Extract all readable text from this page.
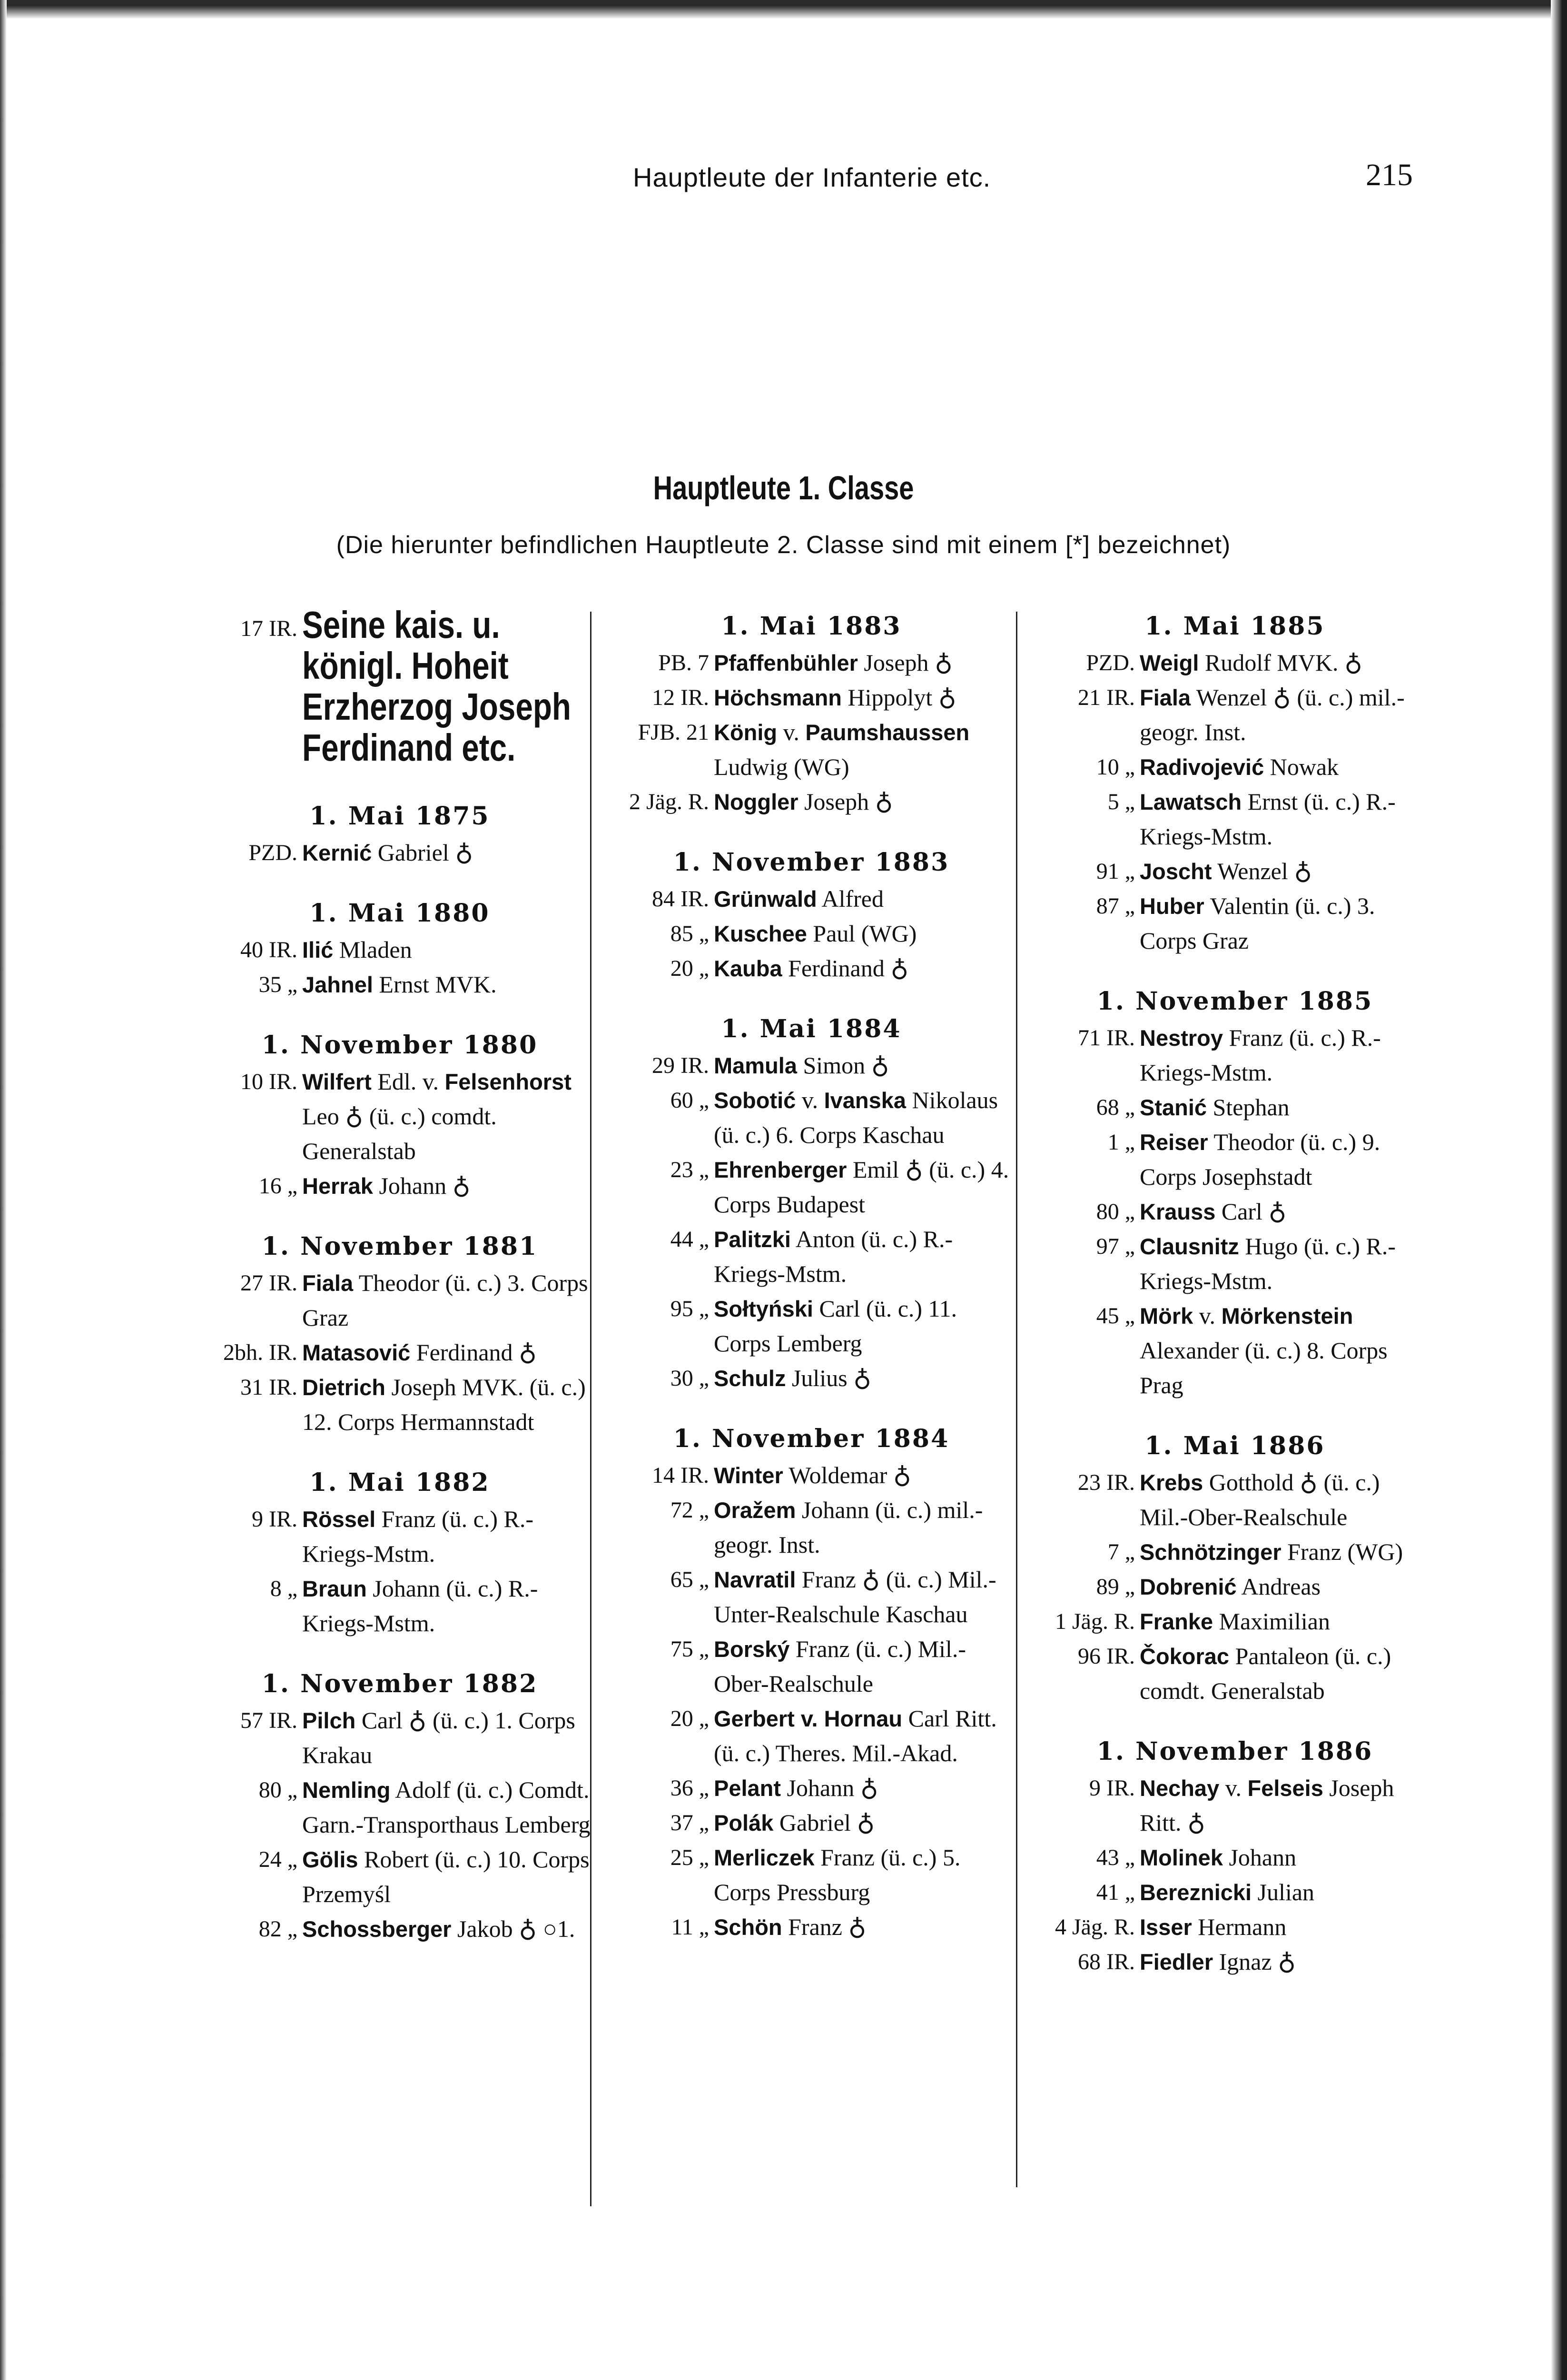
Hauptleute der Infanterie etc.	215
Hauptleute 1. Classe
(Die hierunter befindlichen Hauptleute 2. Classe sind mit einem [*] bezeichnet)
17 IR. Seine kais. u. königl. Hoheit Erzherzog Joseph Ferdinand etc.
1. Mai 1875
PZD. Kernić Gabriel ♁
1. Mai 1880
40 IR. Ilić Mladen
35 „ Jahnel Ernst MVK.
1. November 1880
10 IR. Wilfert Edl. v. Felsenhorst Leo ♁ (ü. c.) comdt. Generalstab
16 „ Herrak Johann ♁
1. November 1881
27 IR. Fiala Theodor (ü. c.) 3. Corps Graz
2bh. IR. Matasović Ferdinand ♁
31 IR. Dietrich Joseph MVK. (ü. c.) 12. Corps Hermannstadt
1. Mai 1882
9 IR. Rössel Franz (ü. c.) R.-Kriegs-Mstm.
8 „ Braun Johann (ü. c.) R.-Kriegs-Mstm.
1. November 1882
57 IR. Pilch Carl ♁ (ü. c.) 1. Corps Krakau
80 „ Nemling Adolf (ü. c.) Comdt. Garn.-Transporthaus Lemberg
24 „ Gölis Robert (ü. c.) 10. Corps Przemyśl
82 „ Schossberger Jakob ♁ ○1.
1. Mai 1883
PB. 7 Pfaffenbühler Joseph ♁
12 IR. Höchsmann Hippolyt ♁
FJB. 21 König v. Paumshaussen Ludwig (WG)
2 Jäg. R. Noggler Joseph ♁
1. November 1883
84 IR. Grünwald Alfred
85 „ Kuschee Paul (WG)
20 „ Kauba Ferdinand ♁
1. Mai 1884
29 IR. Mamula Simon ♁
60 „ Sobotić v. Ivanska Nikolaus (ü. c.) 6. Corps Kaschau
23 „ Ehrenberger Emil ♁ (ü. c.) 4. Corps Budapest
44 „ Palitzki Anton (ü. c.) R.-Kriegs-Mstm.
95 „ Sołtyński Carl (ü. c.) 11. Corps Lemberg
30 „ Schulz Julius ♁
1. November 1884
14 IR. Winter Woldemar ♁
72 „ Oražem Johann (ü. c.) mil.-geogr. Inst.
65 „ Navratil Franz ♁ (ü. c.) Mil.-Unter-Realschule Kaschau
75 „ Borský Franz (ü. c.) Mil.-Ober-Realschule
20 „ Gerbert v. Hornau Carl Ritt. (ü. c.) Theres. Mil.-Akad.
36 „ Pelant Johann ♁
37 „ Polák Gabriel ♁
25 „ Merliczek Franz (ü. c.) 5. Corps Pressburg
11 „ Schön Franz ♁
1. Mai 1885
PZD. Weigl Rudolf MVK. ♁
21 IR. Fiala Wenzel ♁ (ü. c.) mil.-geogr. Inst.
10 „ Radivojević Nowak
5 „ Lawatsch Ernst (ü. c.) R.-Kriegs-Mstm.
91 „ Joscht Wenzel ♁
87 „ Huber Valentin (ü. c.) 3. Corps Graz
1. November 1885
71 IR. Nestroy Franz (ü. c.) R.-Kriegs-Mstm.
68 „ Stanić Stephan
1 „ Reiser Theodor (ü. c.) 9. Corps Josephstadt
80 „ Krauss Carl ♁
97 „ Clausnitz Hugo (ü. c.) R.-Kriegs-Mstm.
45 „ Mörk v. Mörkenstein Alexander (ü. c.) 8. Corps Prag
1. Mai 1886
23 IR. Krebs Gotthold ♁ (ü. c.) Mil.-Ober-Realschule
7 „ Schnötzinger Franz (WG)
89 „ Dobrenić Andreas
1 Jäg. R. Franke Maximilian
96 IR. Čokorac Pantaleon (ü. c.) comdt. Generalstab
1. November 1886
9 IR. Nechay v. Felseis Joseph Ritt. ♁
43 „ Molinek Johann
41 „ Bereznicki Julian
4 Jäg. R. Isser Hermann
68 IR. Fiedler Ignaz ♁
